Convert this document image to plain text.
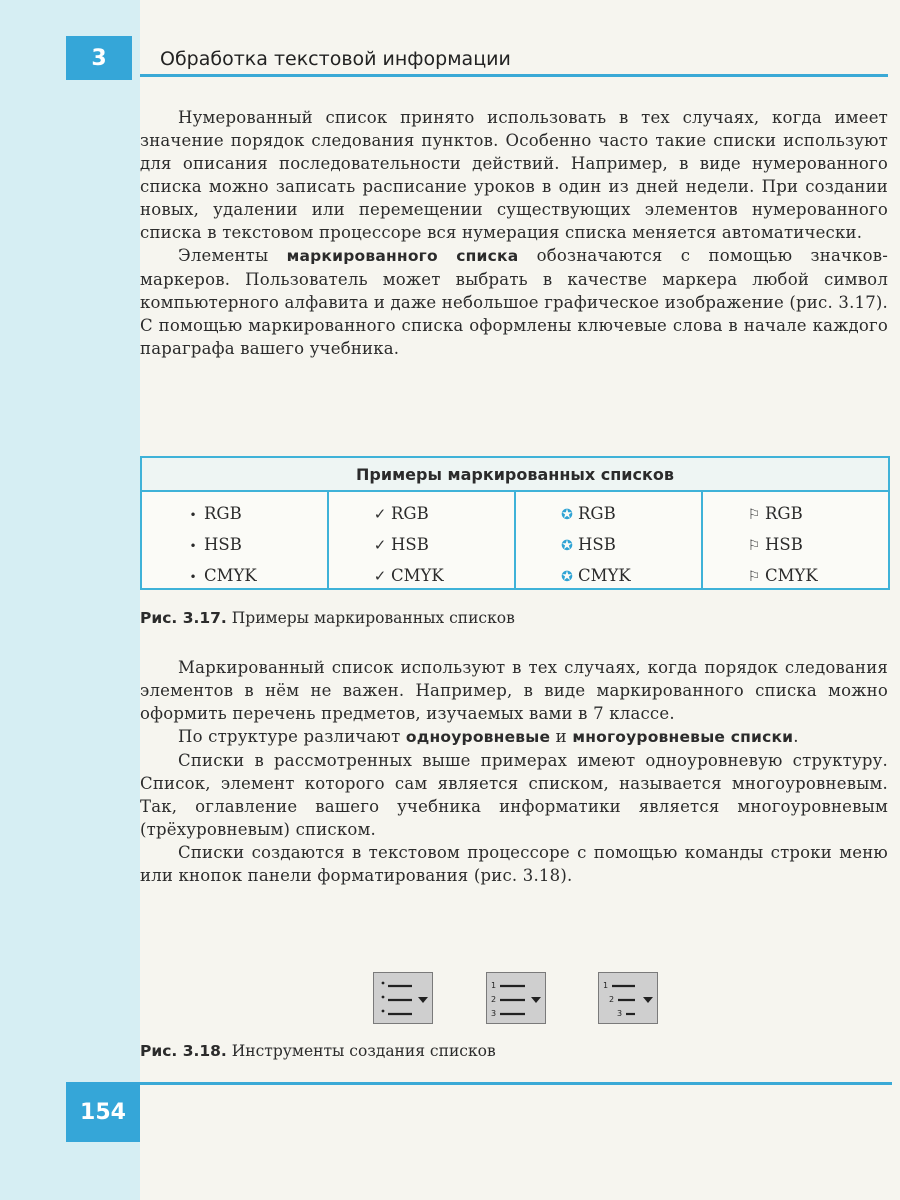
3	Обработка текстовой информации

Нумерованный список принято использовать в тех случаях, когда имеет значение порядок следования пунктов. Особенно часто такие списки используют для описания последовательности действий. Например, в виде нумерованного списка можно записать расписание уроков в один из дней недели. При создании новых, удалении или перемещении существующих элементов нумерованного списка в текстовом процессоре вся нумерация списка меняется автоматически.

Элементы маркированного списка обозначаются с помощью значков-маркеров. Пользователь может выбрать в качестве маркера любой символ компьютерного алфавита и даже небольшое графическое изображение (рис. 3.17). С помощью маркированного списка оформлены ключевые слова в начале каждого параграфа вашего учебника.

Примеры маркированных списков
• RGB
• HSB
• CMYK
✓ RGB
✓ HSB
✓ CMYK
✪ RGB
✪ HSB
✪ CMYK
⚐ RGB
⚐ HSB
⚐ CMYK
Рис. 3.17. Примеры маркированных списков

Маркированный список используют в тех случаях, когда порядок следования элементов в нём не важен. Например, в виде маркированного списка можно оформить перечень предметов, изучаемых вами в 7 классе.

По структуре различают одноуровневые и многоуровневые списки.

Списки в рассмотренных выше примерах имеют одноуровневую структуру. Список, элемент которого сам является списком, называется многоуровневым. Так, оглавление вашего учебника информатики является многоуровневым (трёхуровневым) списком.

Списки создаются в текстовом процессоре с помощью команды строки меню или кнопок панели форматирования (рис. 3.18).

1
2
3
1
2
3
Рис. 3.18. Инструменты создания списков
154
